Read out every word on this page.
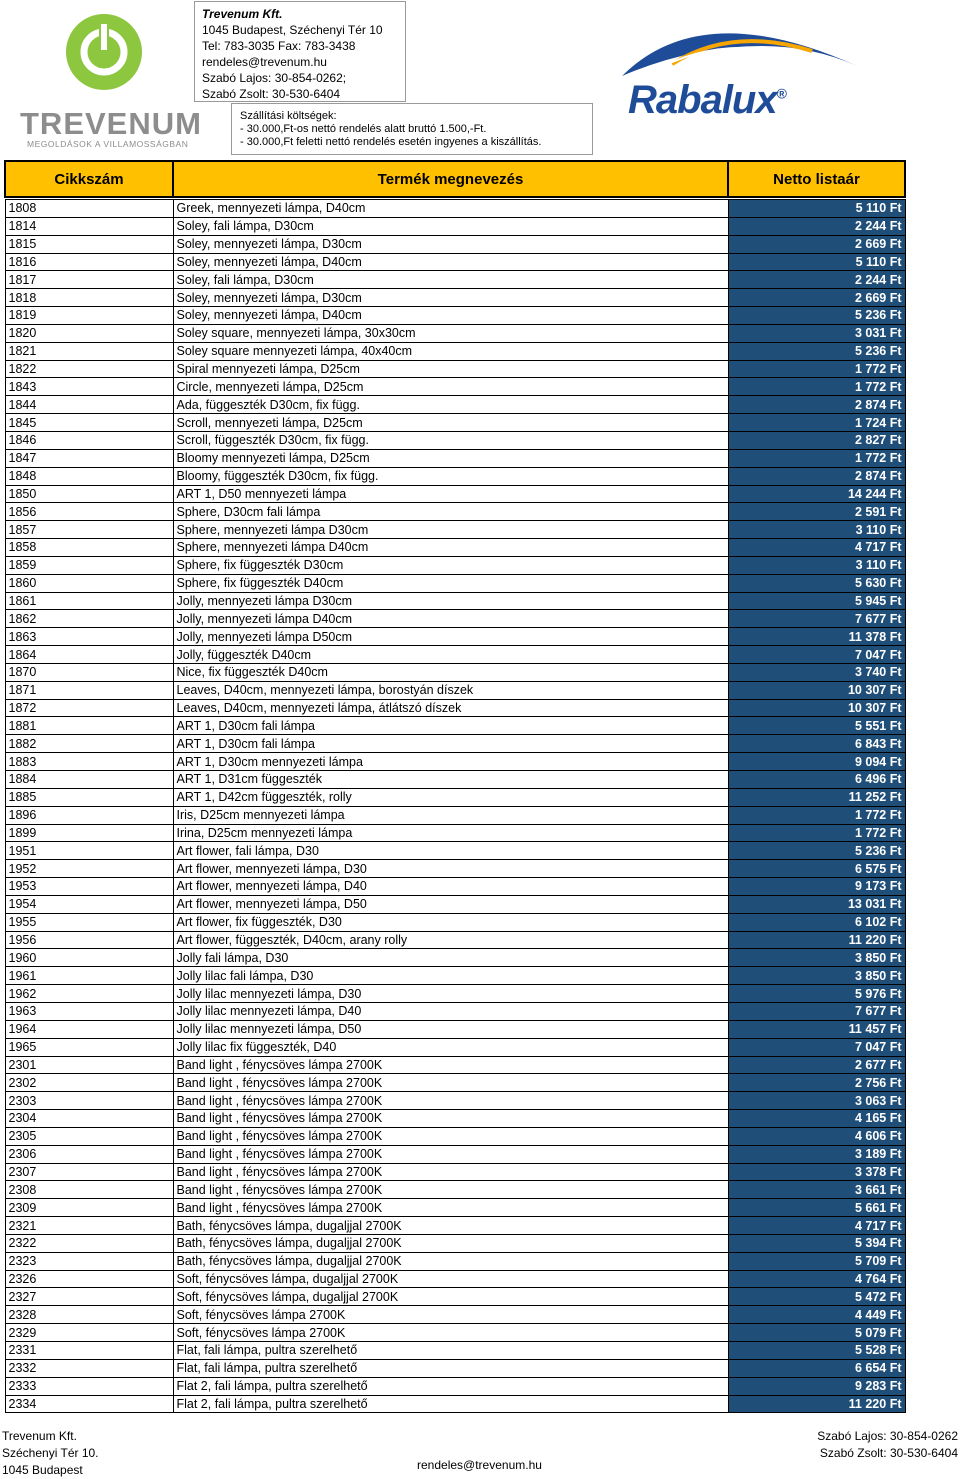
TREVENUM
MEGOLDÁSOK A VILLAMOSSÁGBAN
Trevenum Kft.
1045 Budapest, Széchenyi Tér 10
Tel: 783-3035 Fax: 783-3438
rendeles@trevenum.hu
Szabó Lajos: 30-854-0262;
Szabó Zsolt: 30-530-6404
Szállítási költségek:
- 30.000,Ft-os nettó rendelés alatt bruttó 1.500,-Ft.
- 30.000,Ft feletti nettó rendelés esetén ingyenes a kiszállítás.
Rabalux®
Cikkszám	Termék megnevezés	Netto listaár

1808	Greek, mennyezeti lámpa, D40cm	5 110 Ft
1814	Soley, fali lámpa, D30cm	2 244 Ft
1815	Soley, mennyezeti lámpa, D30cm	2 669 Ft
1816	Soley, mennyezeti lámpa, D40cm	5 110 Ft
1817	Soley, fali lámpa, D30cm	2 244 Ft
1818	Soley, mennyezeti lámpa, D30cm	2 669 Ft
1819	Soley, mennyezeti lámpa, D40cm	5 236 Ft
1820	Soley square, mennyezeti lámpa, 30x30cm	3 031 Ft
1821	Soley square mennyezeti lámpa, 40x40cm	5 236 Ft
1822	Spiral mennyezeti lámpa, D25cm	1 772 Ft
1843	Circle, mennyezeti lámpa, D25cm	1 772 Ft
1844	Ada, függeszték D30cm, fix függ.	2 874 Ft
1845	Scroll, mennyezeti lámpa, D25cm	1 724 Ft
1846	Scroll, függeszték D30cm, fix függ.	2 827 Ft
1847	Bloomy mennyezeti lámpa, D25cm	1 772 Ft
1848	Bloomy, függeszték D30cm, fix függ.	2 874 Ft
1850	ART 1, D50 mennyezeti lámpa	14 244 Ft
1856	Sphere, D30cm fali lámpa	2 591 Ft
1857	Sphere, mennyezeti lámpa D30cm	3 110 Ft
1858	Sphere, mennyezeti lámpa D40cm	4 717 Ft
1859	Sphere, fix függeszték D30cm	3 110 Ft
1860	Sphere, fix függeszték D40cm	5 630 Ft
1861	Jolly, mennyezeti lámpa D30cm	5 945 Ft
1862	Jolly, mennyezeti lámpa D40cm	7 677 Ft
1863	Jolly, mennyezeti lámpa D50cm	11 378 Ft
1864	Jolly, függeszték D40cm	7 047 Ft
1870	Nice, fix függeszték D40cm	3 740 Ft
1871	Leaves, D40cm, mennyezeti lámpa, borostyán díszek	10 307 Ft
1872	Leaves, D40cm, mennyezeti lámpa, átlátszó díszek	10 307 Ft
1881	ART 1, D30cm fali lámpa	5 551 Ft
1882	ART 1, D30cm fali lámpa	6 843 Ft
1883	ART 1, D30cm mennyezeti lámpa	9 094 Ft
1884	ART 1, D31cm függeszték	6 496 Ft
1885	ART 1, D42cm függeszték, rolly	11 252 Ft
1896	Iris, D25cm mennyezeti lámpa	1 772 Ft
1899	Irina, D25cm mennyezeti lámpa	1 772 Ft
1951	Art flower, fali lámpa, D30	5 236 Ft
1952	Art flower, mennyezeti lámpa, D30	6 575 Ft
1953	Art flower, mennyezeti lámpa, D40	9 173 Ft
1954	Art flower, mennyezeti lámpa, D50	13 031 Ft
1955	Art flower, fix függeszték, D30	6 102 Ft
1956	Art flower, függeszték, D40cm, arany rolly	11 220 Ft
1960	Jolly fali lámpa, D30	3 850 Ft
1961	Jolly lilac fali lámpa, D30	3 850 Ft
1962	Jolly lilac mennyezeti lámpa, D30	5 976 Ft
1963	Jolly lilac mennyezeti lámpa, D40	7 677 Ft
1964	Jolly lilac mennyezeti lámpa, D50	11 457 Ft
1965	Jolly lilac fix függeszték, D40	7 047 Ft
2301	Band light , fénycsöves lámpa 2700K	2 677 Ft
2302	Band light , fénycsöves lámpa 2700K	2 756 Ft
2303	Band light , fénycsöves lámpa 2700K	3 063 Ft
2304	Band light , fénycsöves lámpa 2700K	4 165 Ft
2305	Band light , fénycsöves lámpa 2700K	4 606 Ft
2306	Band light , fénycsöves lámpa 2700K	3 189 Ft
2307	Band light , fénycsöves lámpa 2700K	3 378 Ft
2308	Band light , fénycsöves lámpa 2700K	3 661 Ft
2309	Band light , fénycsöves lámpa 2700K	5 661 Ft
2321	Bath, fénycsöves lámpa, dugaljjal 2700K	4 717 Ft
2322	Bath, fénycsöves lámpa, dugaljjal 2700K	5 394 Ft
2323	Bath, fénycsöves lámpa, dugaljjal 2700K	5 709 Ft
2326	Soft, fénycsöves lámpa, dugaljjal 2700K	4 764 Ft
2327	Soft, fénycsöves lámpa, dugaljjal 2700K	5 472 Ft
2328	Soft, fénycsöves lámpa 2700K	4 449 Ft
2329	Soft, fénycsöves lámpa 2700K	5 079 Ft
2331	Flat, fali lámpa, pultra szerelhető	5 528 Ft
2332	Flat, fali lámpa, pultra szerelhető	6 654 Ft
2333	Flat 2, fali lámpa, pultra szerelhető	9 283 Ft
2334	Flat 2, fali lámpa, pultra szerelhető	11 220 Ft
Trevenum Kft.
Széchenyi Tér 10.
1045 Budapest	rendeles@trevenum.hu
Szabó Lajos: 30-854-0262
Szabó Zsolt: 30-530-6404
